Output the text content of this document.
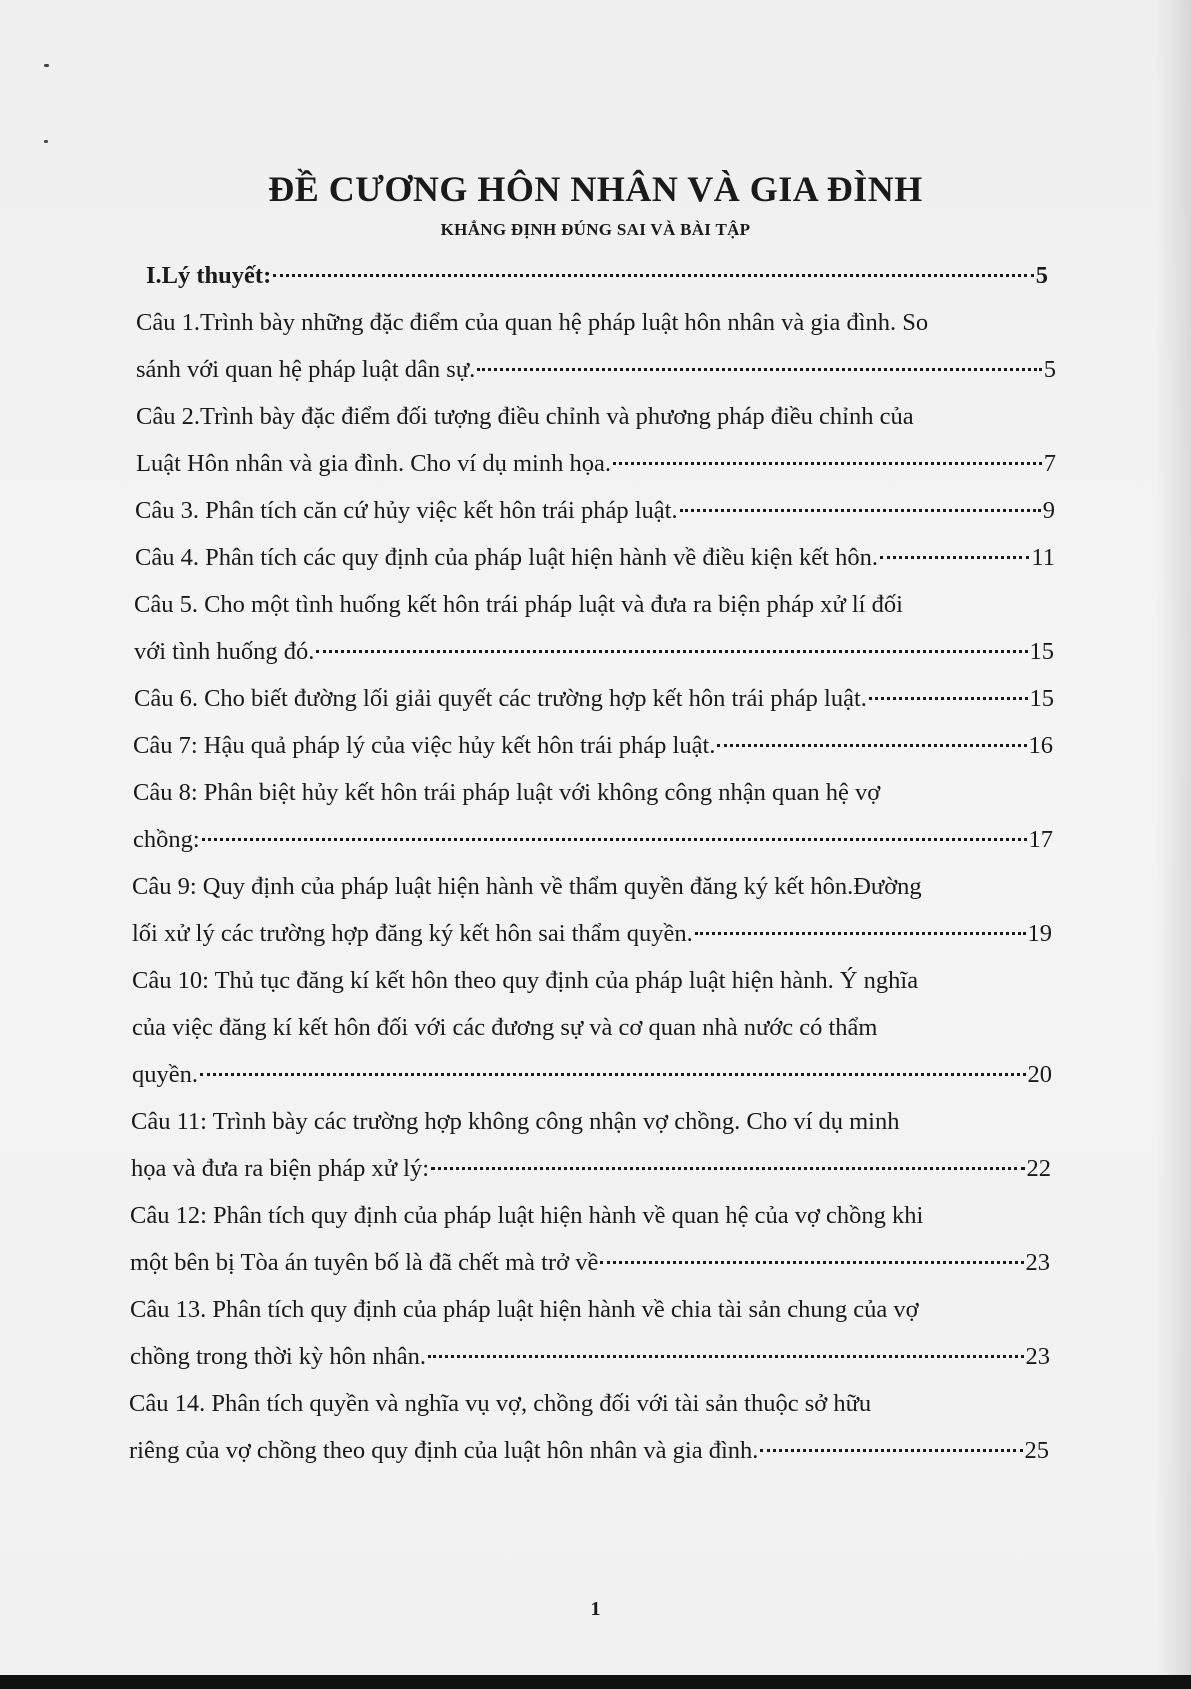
ĐỀ CƯƠNG HÔN NHÂN VÀ GIA ĐÌNH
KHẲNG ĐỊNH ĐÚNG SAI VÀ BÀI TẬP
I.Lý thuyết:	5
Câu 1.Trình bày những đặc điểm của quan hệ pháp luật hôn nhân và gia đình. So
sánh với quan hệ pháp luật dân sự.	5
Câu 2.Trình bày đặc điểm đối tượng điều chỉnh và phương pháp điều chỉnh của
Luật Hôn nhân và gia đình. Cho ví dụ minh họa.	7
Câu 3. Phân tích căn cứ hủy việc kết hôn trái pháp luật.	9
Câu 4. Phân tích các quy định của pháp luật hiện hành về điều kiện kết hôn.	11
Câu 5. Cho một tình huống kết hôn trái pháp luật và đưa ra biện pháp xử lí đối
với tình huống đó.	15
Câu 6. Cho biết đường lối giải quyết các trường hợp kết hôn trái pháp luật.	15
Câu 7: Hậu quả pháp lý của việc hủy kết hôn trái pháp luật.	16
Câu 8: Phân biệt hủy kết hôn trái pháp luật với không công nhận quan hệ vợ
chồng:	17
Câu 9: Quy định của pháp luật hiện hành về thẩm quyền đăng ký kết hôn.Đường
lối xử lý các trường hợp đăng ký kết hôn sai thẩm quyền.	19
Câu 10: Thủ tục đăng kí kết hôn theo quy định của pháp luật hiện hành. Ý nghĩa
của việc đăng kí kết hôn đối với các đương sự và cơ quan nhà nước có thẩm
quyền.	20
Câu 11: Trình bày các trường hợp không công nhận vợ chồng. Cho ví dụ minh
họa và đưa ra biện pháp xử lý:	22
Câu 12: Phân tích quy định của pháp luật hiện hành về quan hệ của vợ chồng khi
một bên bị Tòa án tuyên bố là đã chết mà trở về	23
Câu 13. Phân tích quy định của pháp luật hiện hành về chia tài sản chung của vợ
chồng trong thời kỳ hôn nhân.	23
Câu 14. Phân tích quyền và nghĩa vụ vợ, chồng đối với tài sản thuộc sở hữu
riêng của vợ chồng theo quy định của luật hôn nhân và gia đình.	25
1
